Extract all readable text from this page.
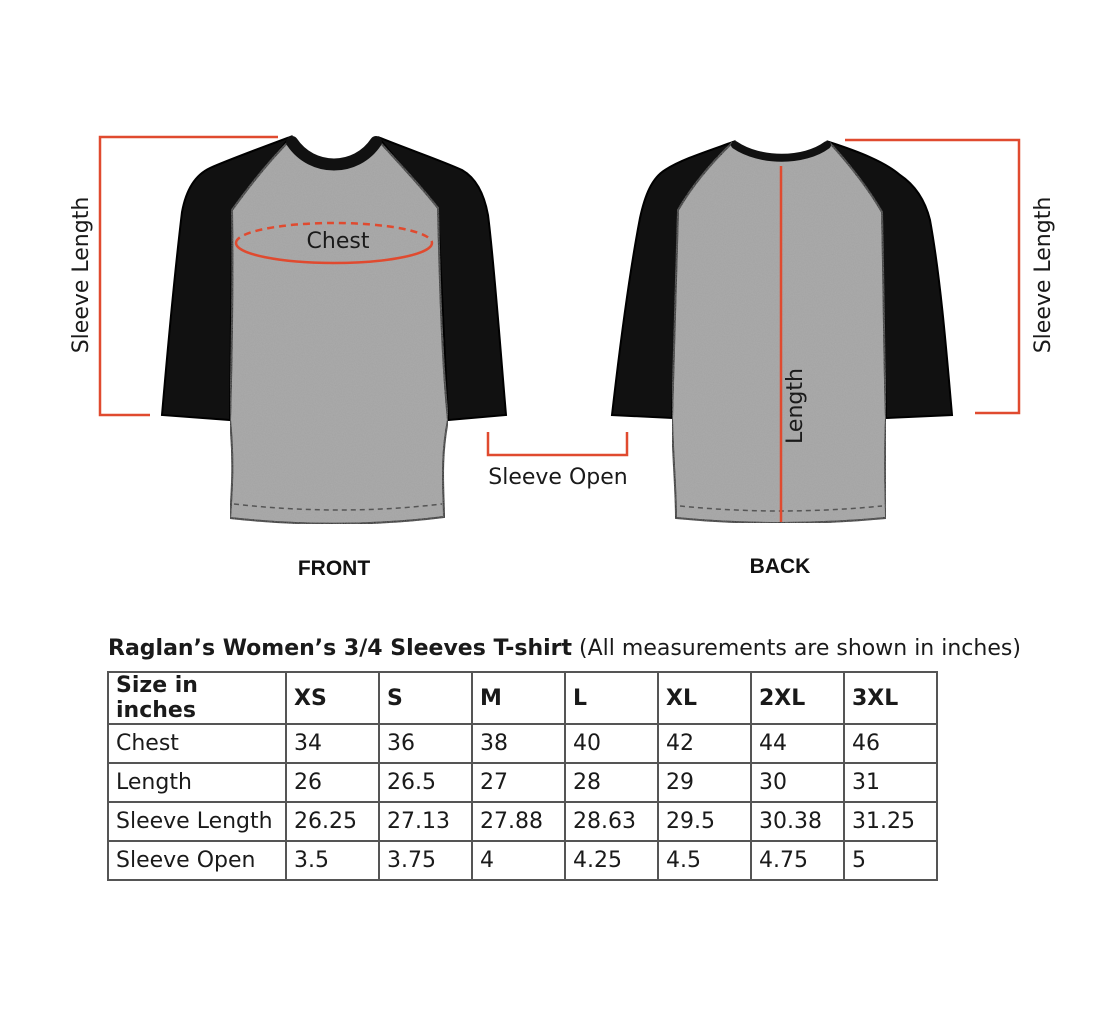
Sleeve Length	Sleeve Length
Chest
Sleeve Open
Length
FRONT	BACK
Raglan’s Women’s 3/4 Sleeves T-shirt (All measurements are shown in inches)
Size in inches	XS	S	M	L	XL	2XL	3XL
Chest	34	36	38	40	42	44	46
Length	26	26.5	27	28	29	30	31
Sleeve Length	26.25	27.13	27.88	28.63	29.5	30.38	31.25
Sleeve Open	3.5	3.75	4	4.25	4.5	4.75	5
